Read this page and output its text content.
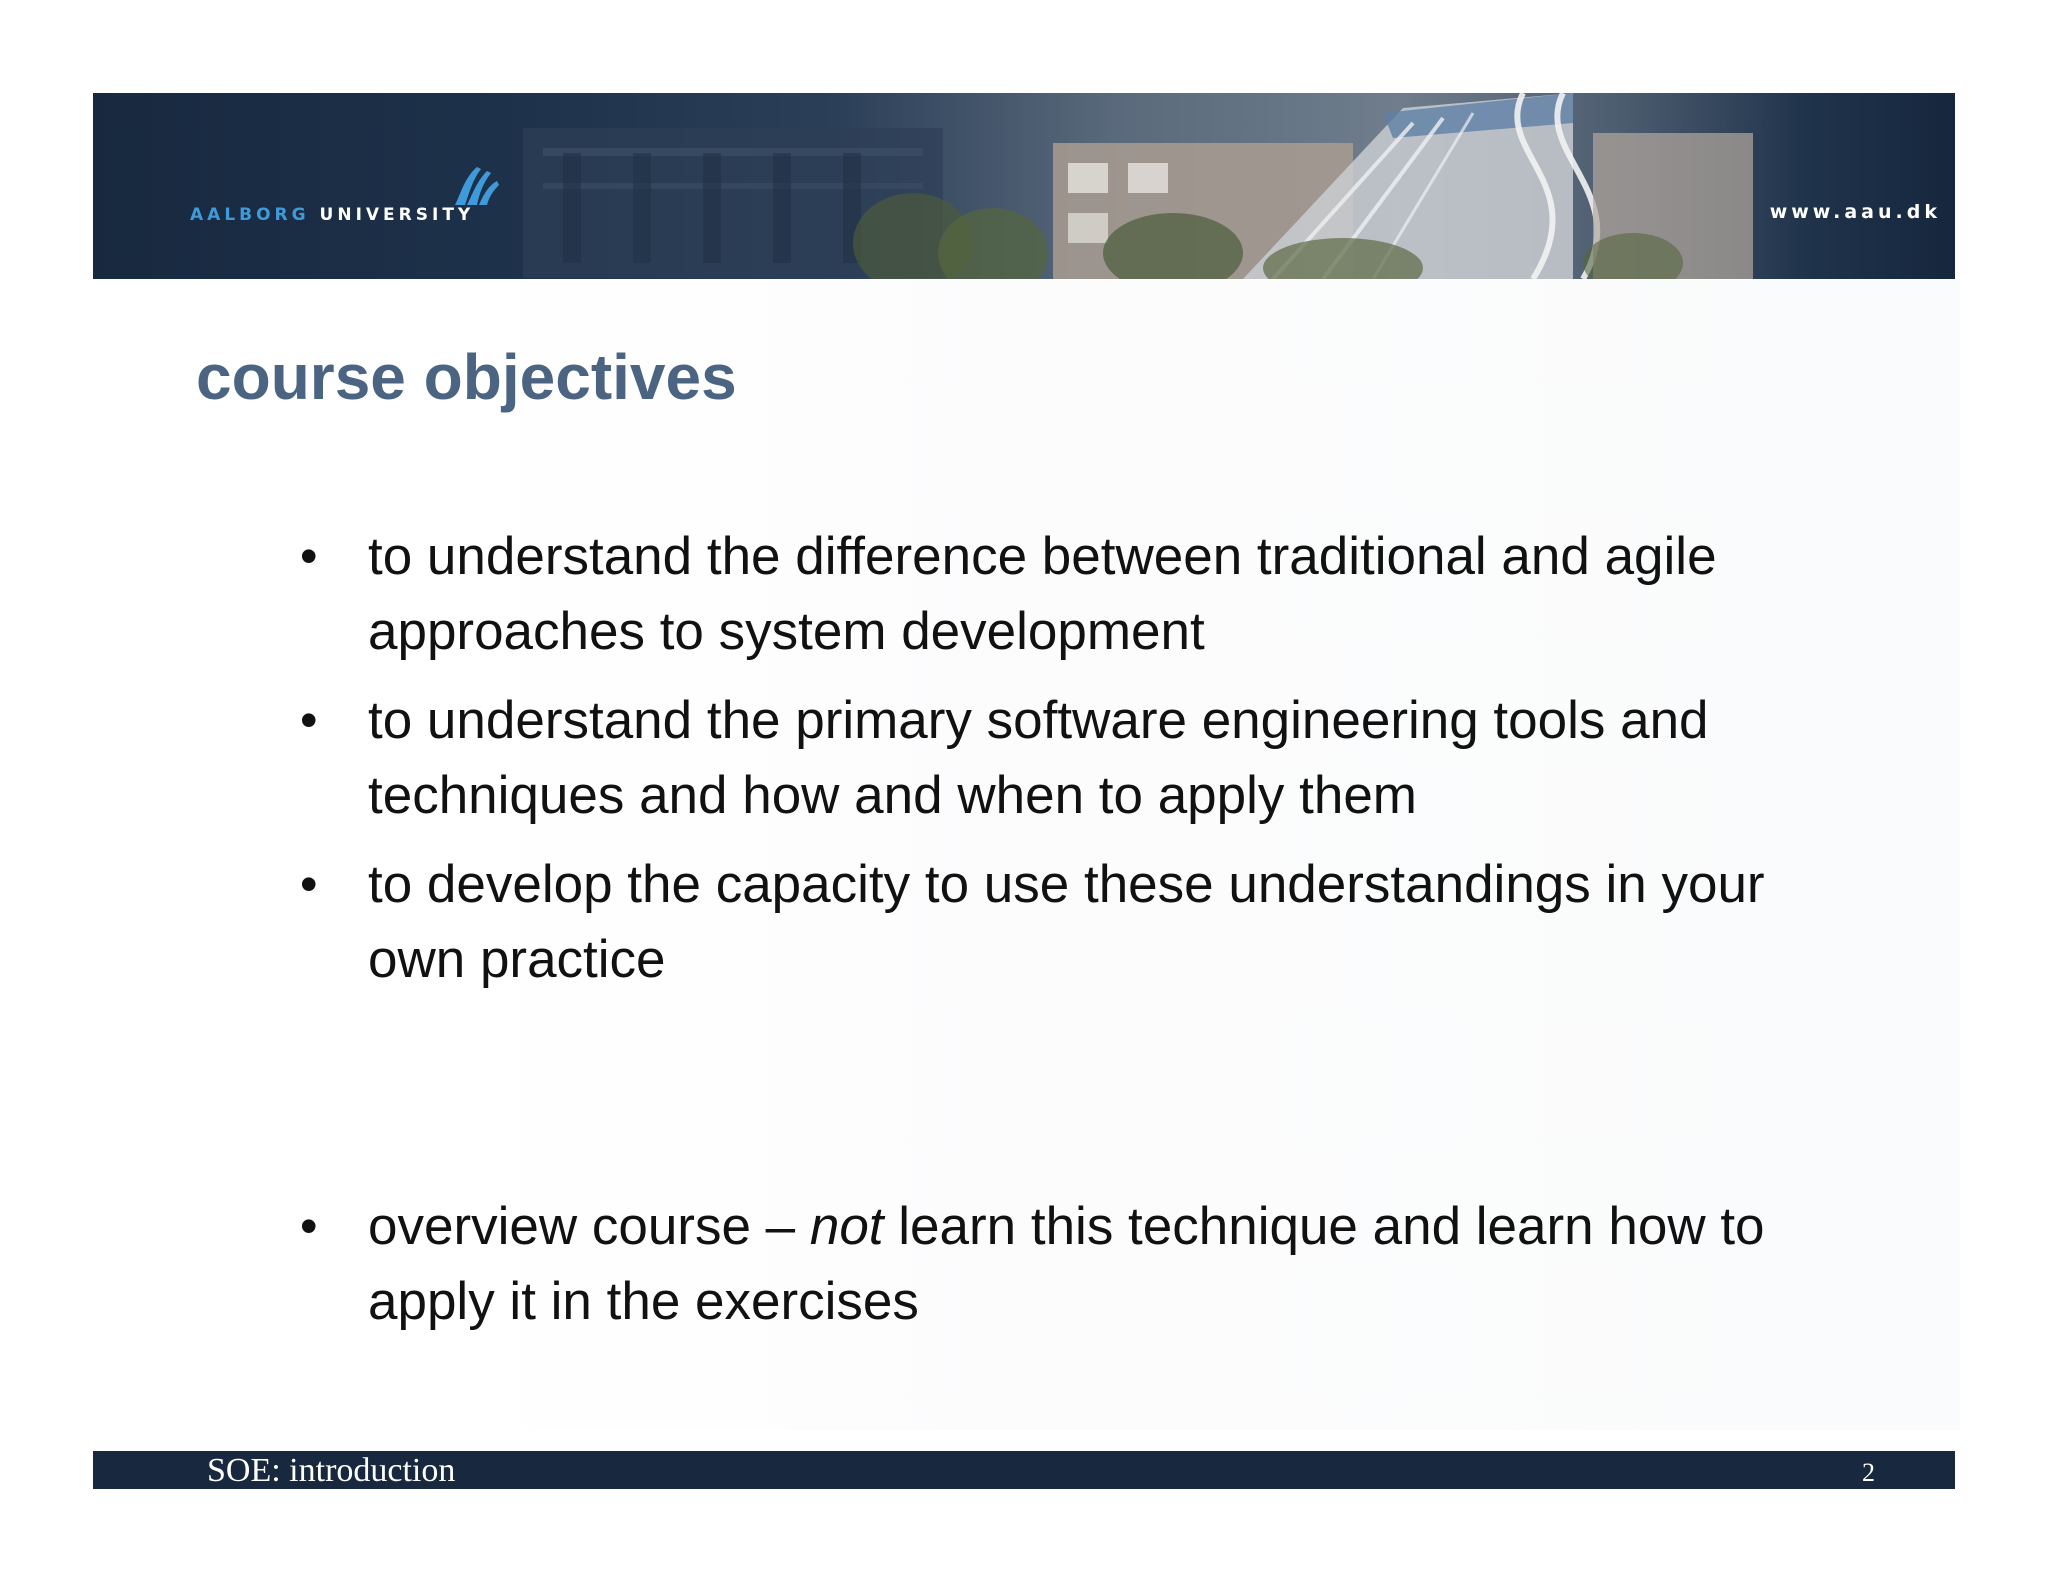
AALBORG UNIVERSITY	www.aau.dk
course objectives
• to understand the difference between traditional and agile approaches to system development
• to understand the primary software engineering tools and techniques and how and when to apply them
• to develop the capacity to use these understandings in your own practice
• overview course – not learn this technique and learn how to apply it in the exercises
SOE: introduction	2
